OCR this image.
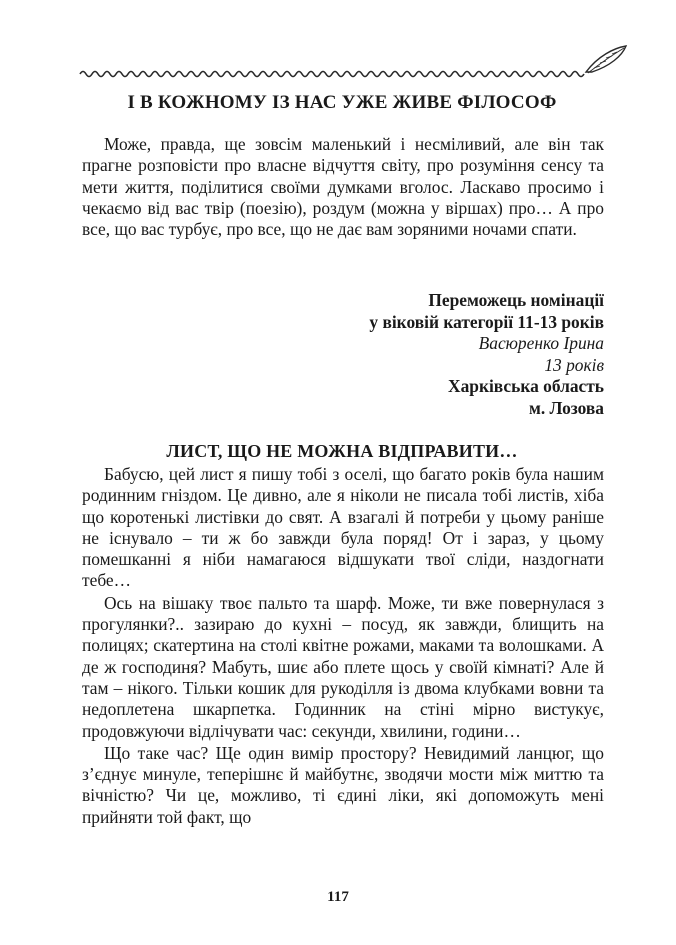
І В КОЖНОМУ ІЗ НАС УЖЕ ЖИВЕ ФІЛОСОФ

Може, правда, ще зовсім маленький і несміливий, але він так прагне розповісти про власне відчуття світу, про розуміння сенсу та мети життя, поділитися своїми думками вголос. Ласкаво просимо і чекаємо від вас твір (поезію), роздум (можна у віршах) про… А про все, що вас турбує, про все, що не дає вам зоряними ночами спати.

Переможець номінації
у віковій категорії 11-13 років
Васюренко Ірина
13 років
Харківська область
м. Лозова
ЛИСТ, ЩО НЕ МОЖНА ВІДПРАВИТИ…

Бабусю, цей лист я пишу тобі з оселі, що багато років була нашим родинним гніздом. Це дивно, але я ніколи не писала тобі листів, хіба що коротенькі листівки до свят. А взагалі й потреби у цьому раніше не існувало – ти ж бо завжди була поряд! От і зараз, у цьому помешканні я ніби намагаюся відшукати твої сліди, наздогнати тебе…

Ось на вішаку твоє пальто та шарф. Може, ти вже повернулася з прогулянки?.. зазираю до кухні – посуд, як завжди, блищить на полицях; скатертина на столі квітне рожами, маками та волошками. А де ж господиня? Мабуть, шиє або плете щось у своїй кімнаті? Але й там – нікого. Тільки кошик для рукоділля із двома клубками вовни та недоплетена шкарпетка. Годинник на стіні мірно вистукує, продовжуючи відлічувати час: секунди, хвилини, години…

Що таке час? Ще один вимір простору? Невидимий ланцюг, що з’єднує минуле, теперішнє й майбутнє, зводячи мости між миттю та вічністю? Чи це, можливо, ті єдині ліки, які допоможуть мені прийняти той факт, що

117
